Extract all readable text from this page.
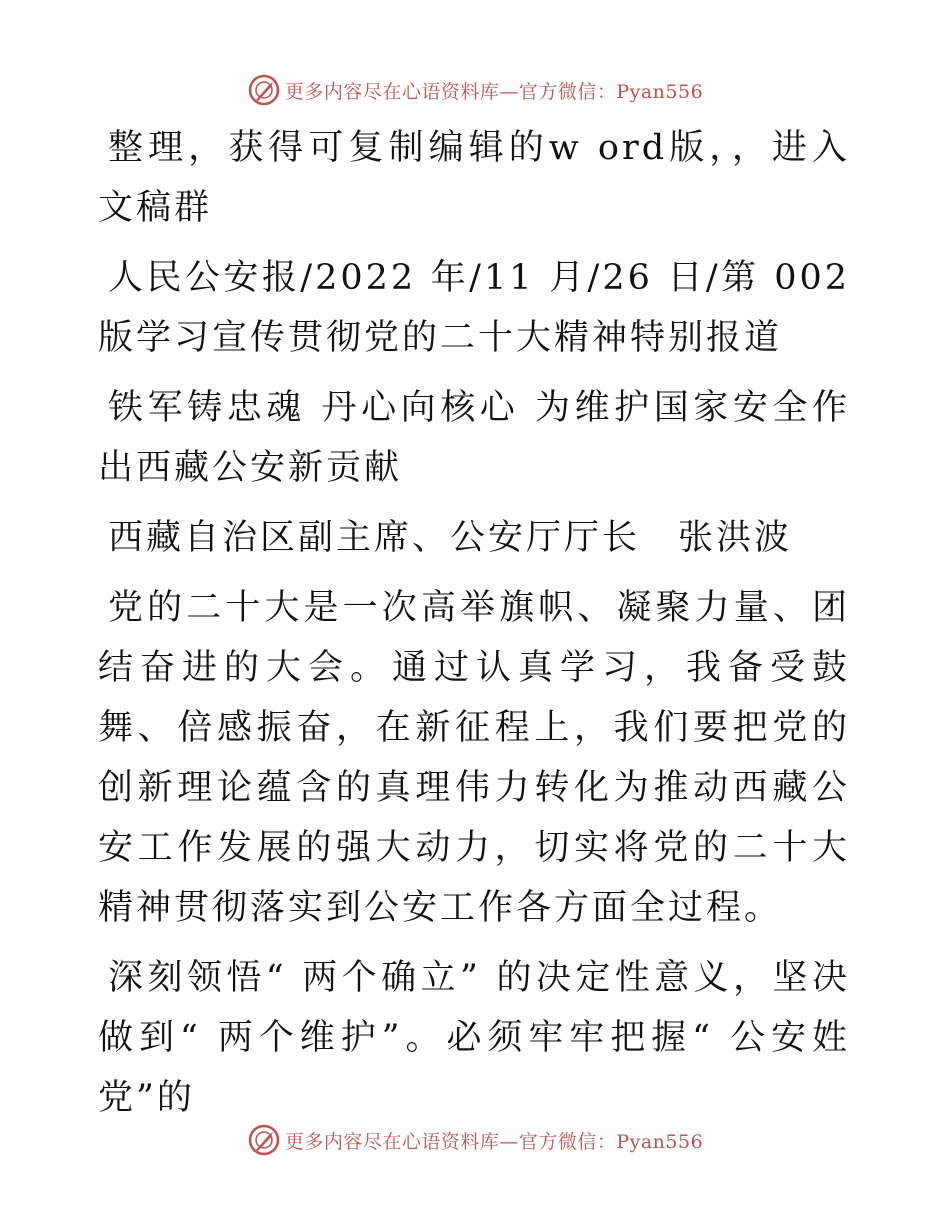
更多内容尽在心语资料库—官方微信：Pyan556

整理，获得可复制编辑的w ord版，，进入文稿群

人民公安报/2022 年/11 月/26 日/第 002 版学习宣传贯彻党的二十大精神特别报道

铁军铸忠魂 丹心向核心 为维护国家安全作出西藏公安新贡献

西藏自治区副主席、公安厅厅长　张洪波

党的二十大是一次高举旗帜、凝聚力量、团结奋进的大会。通过认真学习，我备受鼓舞、倍感振奋，在新征程上，我们要把党的创新理论蕴含的真理伟力转化为推动西藏公安工作发展的强大动力，切实将党的二十大精神贯彻落实到公安工作各方面全过程。

深刻领悟“ 两个确立” 的决定性意义，坚决做到“ 两个维护”。必须牢牢把握“ 公安姓党”的

更多内容尽在心语资料库—官方微信：Pyan556
